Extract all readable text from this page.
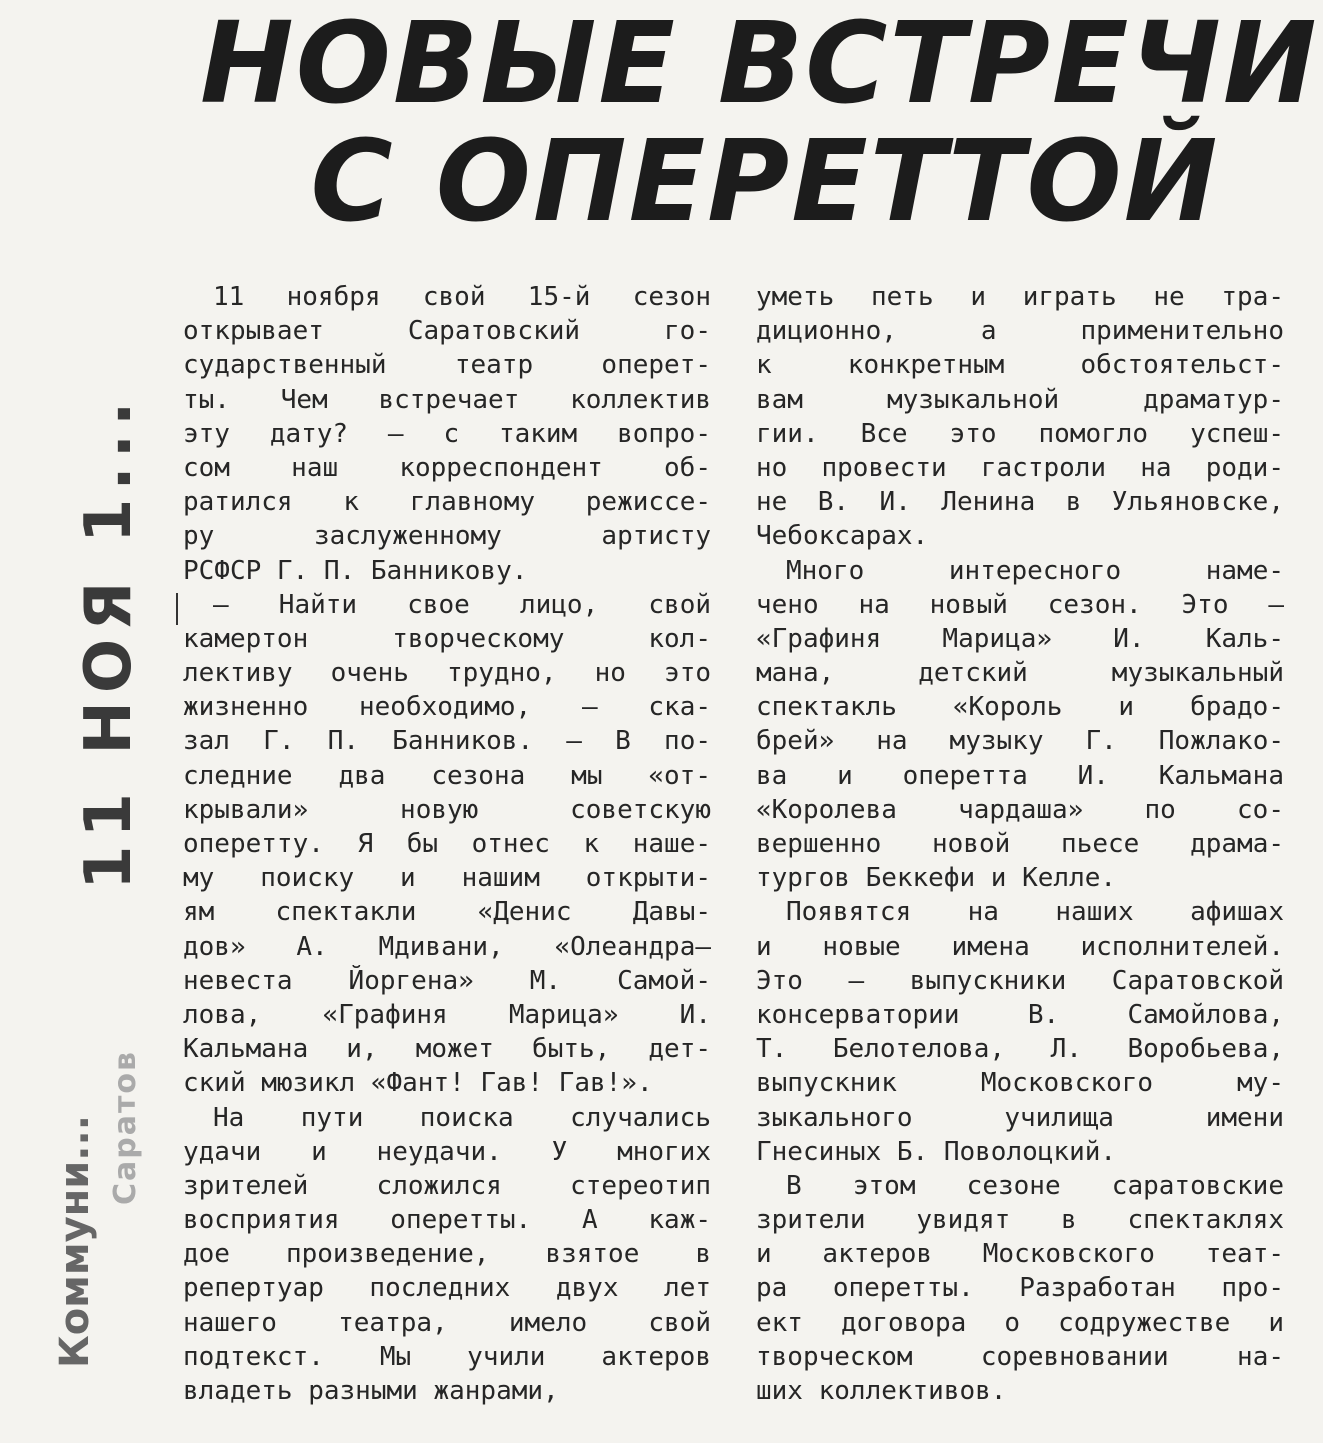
НОВЫЕ ВСТРЕЧИ
С ОПЕРЕТТОЙ
11 НОЯ 1...
Коммуни... Саратов
11 ноября свой 15-й сезон
открывает Саратовский го-
сударственный театр оперет-
ты. Чем встречает коллектив
эту дату? — с таким вопро-
сом наш корреспондент об-
ратился к главному режиссе-
ру заслуженному артисту
РСФСР Г. П. Банникову.
— Найти свое лицо, свой
камертон творческому кол-
лективу очень трудно, но это
жизненно необходимо, — ска-
зал Г. П. Банников. — В по-
следние два сезона мы «от-
крывали» новую советскую
оперетту. Я бы отнес к наше-
му поиску и нашим открыти-
ям спектакли «Денис Давы-
дов» А. Мдивани, «Олеандра—
невеста Йоргена» М. Самой-
лова, «Графиня Марица» И.
Кальмана и, может быть, дет-
ский мюзикл «Фант! Гав! Гав!».
На пути поиска случались
удачи и неудачи. У многих
зрителей сложился стереотип
восприятия оперетты. А каж-
дое произведение, взятое в
репертуар последних двух лет
нашего театра, имело свой
подтекст. Мы учили актеров
владеть разными жанрами,
уметь петь и играть не тра-
диционно, а применительно
к конкретным обстоятельст-
вам музыкальной драматур-
гии. Все это помогло успеш-
но провести гастроли на роди-
не В. И. Ленина в Ульяновске,
Чебоксарах.
Много интересного наме-
чено на новый сезон. Это —
«Графиня Марица» И. Каль-
мана, детский музыкальный
спектакль «Король и брадо-
брей» на музыку Г. Пожлако-
ва и оперетта И. Кальмана
«Королева чардаша» по со-
вершенно новой пьесе драма-
тургов Беккефи и Келле.
Появятся на наших афишах
и новые имена исполнителей.
Это — выпускники Саратовской
консерватории В. Самойлова,
Т. Белотелова, Л. Воробьева,
выпускник Московского му-
зыкального училища имени
Гнесиных Б. Поволоцкий.
В этом сезоне саратовские
зрители увидят в спектаклях
и актеров Московского теат-
ра оперетты. Разработан про-
ект договора о содружестве и
творческом соревновании на-
ших коллективов.
